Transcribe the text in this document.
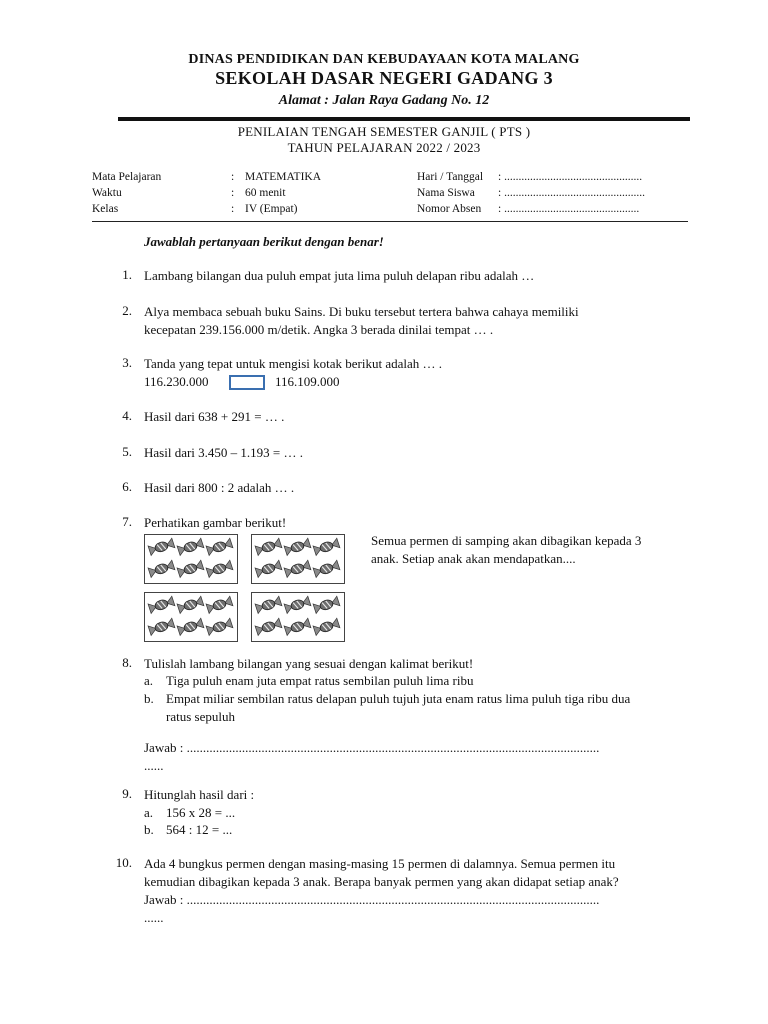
DINAS PENDIDIKAN DAN KEBUDAYAAN KOTA MALANG
SEKOLAH DASAR NEGERI GADANG 3
Alamat : Jalan Raya Gadang No. 12
PENILAIAN TENGAH SEMESTER GANJIL ( PTS )
TAHUN PELAJARAN 2022 / 2023
Mata Pelajaran	: MATEMATIKA
Waktu	: 60 menit
Kelas	: IV (Empat)
Hari / Tanggal : ................................................
Nama Siswa : .................................................
Nomor Absen : ...............................................
Jawablah pertanyaan berikut dengan benar!
1. Lambang bilangan dua puluh empat juta lima puluh delapan ribu adalah …
2. Alya membaca sebuah buku Sains. Di buku tersebut tertera bahwa cahaya memiliki
kecepatan 239.156.000 m/detik. Angka 3 berada dinilai tempat … .
3. Tanda yang tepat untuk mengisi kotak berikut adalah … .
116.230.000	116.109.000
4. Hasil dari 638 + 291 = … .
5. Hasil dari 3.450 – 1.193 = … .
6. Hasil dari 800 : 2 adalah … .
7. Perhatikan gambar berikut!
Semua permen di samping akan dibagikan kepada 3
anak. Setiap anak akan mendapatkan....
8. Tulislah lambang bilangan yang sesuai dengan kalimat berikut!
a. Tiga puluh enam juta empat ratus sembilan puluh lima ribu
b. Empat miliar sembilan ratus delapan puluh tujuh juta enam ratus lima puluh tiga ribu dua
ratus sepuluh
Jawab : ...............................................................................................................................
......
9. Hitunglah hasil dari :
a. 156 x 28 = ...
b. 564 : 12 = ...
10. Ada 4 bungkus permen dengan masing-masing 15 permen di dalamnya. Semua permen itu
kemudian dibagikan kepada 3 anak. Berapa banyak permen yang akan didapat setiap anak?
Jawab : ...............................................................................................................................
......
